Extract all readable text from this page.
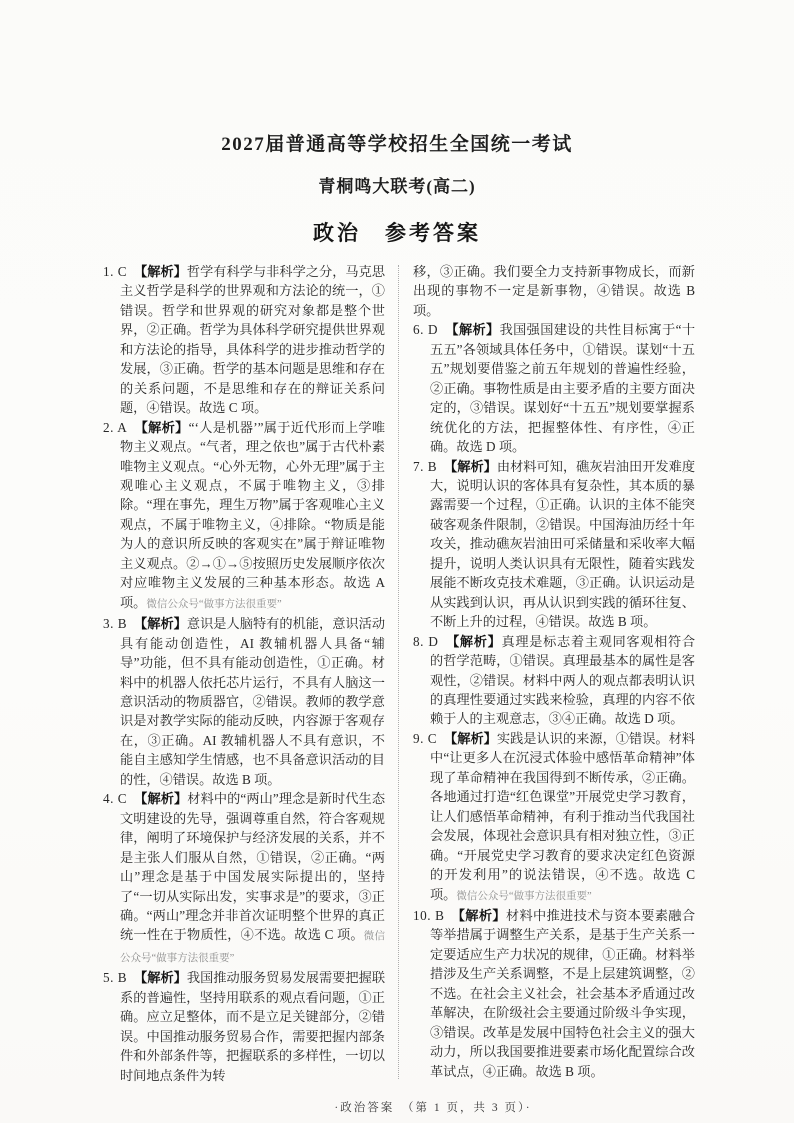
2027届普通高等学校招生全国统一考试
青桐鸣大联考(高二)
政治　参考答案

1. C 【解析】哲学有科学与非科学之分，马克思主义哲学是科学的世界观和方法论的统一，①错误。哲学和世界观的研究对象都是整个世界，②正确。哲学为具体科学研究提供世界观和方法论的指导，具体科学的进步推动哲学的发展，③正确。哲学的基本问题是思维和存在的关系问题，不是思维和存在的辩证关系问题，④错误。故选 C 项。

2. A 【解析】“‘人是机器’”属于近代形而上学唯物主义观点。“气者，理之依也”属于古代朴素唯物主义观点。“心外无物，心外无理”属于主观唯心主义观点，不属于唯物主义，③排除。“理在事先，理生万物”属于客观唯心主义观点，不属于唯物主义，④排除。“物质是能为人的意识所反映的客观实在”属于辩证唯物主义观点。②→①→⑤按照历史发展顺序依次对应唯物主义发展的三种基本形态。故选 A 项。微信公众号“做事方法很重要”

3. B 【解析】意识是人脑特有的机能，意识活动具有能动创造性，AI 教辅机器人具备“辅导”功能，但不具有能动创造性，①正确。材料中的机器人依托芯片运行，不具有人脑这一意识活动的物质器官，②错误。教师的教学意识是对教学实际的能动反映，内容源于客观存在，③正确。AI 教辅机器人不具有意识，不能自主感知学生情感，也不具备意识活动的目的性，④错误。故选 B 项。

4. C 【解析】材料中的“两山”理念是新时代生态文明建设的先导，强调尊重自然，符合客观规律，阐明了环境保护与经济发展的关系，并不是主张人们服从自然，①错误，②正确。“两山”理念是基于中国发展实际提出的，坚持了“一切从实际出发，实事求是”的要求，③正确。“两山”理念并非首次证明整个世界的真正统一性在于物质性，④不选。故选 C 项。微信公众号“做事方法很重要”

5. B 【解析】我国推动服务贸易发展需要把握联系的普遍性，坚持用联系的观点看问题，①正确。应立足整体，而不是立足关键部分，②错误。中国推动服务贸易合作，需要把握内部条件和外部条件等，把握联系的多样性，一切以时间地点条件为转

移，③正确。我们要全力支持新事物成长，而新出现的事物不一定是新事物，④错误。故选 B 项。

6. D 【解析】我国强国建设的共性目标寓于“十五五”各领域具体任务中，①错误。谋划“十五五”规划要借鉴之前五年规划的普遍性经验，②正确。事物性质是由主要矛盾的主要方面决定的，③错误。谋划好“十五五”规划要掌握系统优化的方法，把握整体性、有序性，④正确。故选 D 项。

7. B 【解析】由材料可知，礁灰岩油田开发难度大，说明认识的客体具有复杂性，其本质的暴露需要一个过程，①正确。认识的主体不能突破客观条件限制，②错误。中国海油历经十年攻关，推动礁灰岩油田可采储量和采收率大幅提升，说明人类认识具有无限性，随着实践发展能不断攻克技术难题，③正确。认识运动是从实践到认识，再从认识到实践的循环往复、不断上升的过程，④错误。故选 B 项。

8. D 【解析】真理是标志着主观同客观相符合的哲学范畴，①错误。真理最基本的属性是客观性，②错误。材料中两人的观点都表明认识的真理性要通过实践来检验，真理的内容不依赖于人的主观意志，③④正确。故选 D 项。

9. C 【解析】实践是认识的来源，①错误。材料中“让更多人在沉浸式体验中感悟革命精神”体现了革命精神在我国得到不断传承，②正确。各地通过打造“红色课堂”开展党史学习教育，让人们感悟革命精神，有利于推动当代我国社会发展，体现社会意识具有相对独立性，③正确。“开展党史学习教育的要求决定红色资源的开发利用”的说法错误，④不选。故选 C 项。微信公众号“做事方法很重要”

10. B 【解析】材料中推进技术与资本要素融合等举措属于调整生产关系，是基于生产关系一定要适应生产力状况的规律，①正确。材料举措涉及生产关系调整，不是上层建筑调整，②不选。在社会主义社会，社会基本矛盾通过改革解决，在阶级社会主要通过阶级斗争实现，③错误。改革是发展中国特色社会主义的强大动力，所以我国要推进要素市场化配置综合改革试点，④正确。故选 B 项。

·政治答案　（第 1 页，共 3 页）·
